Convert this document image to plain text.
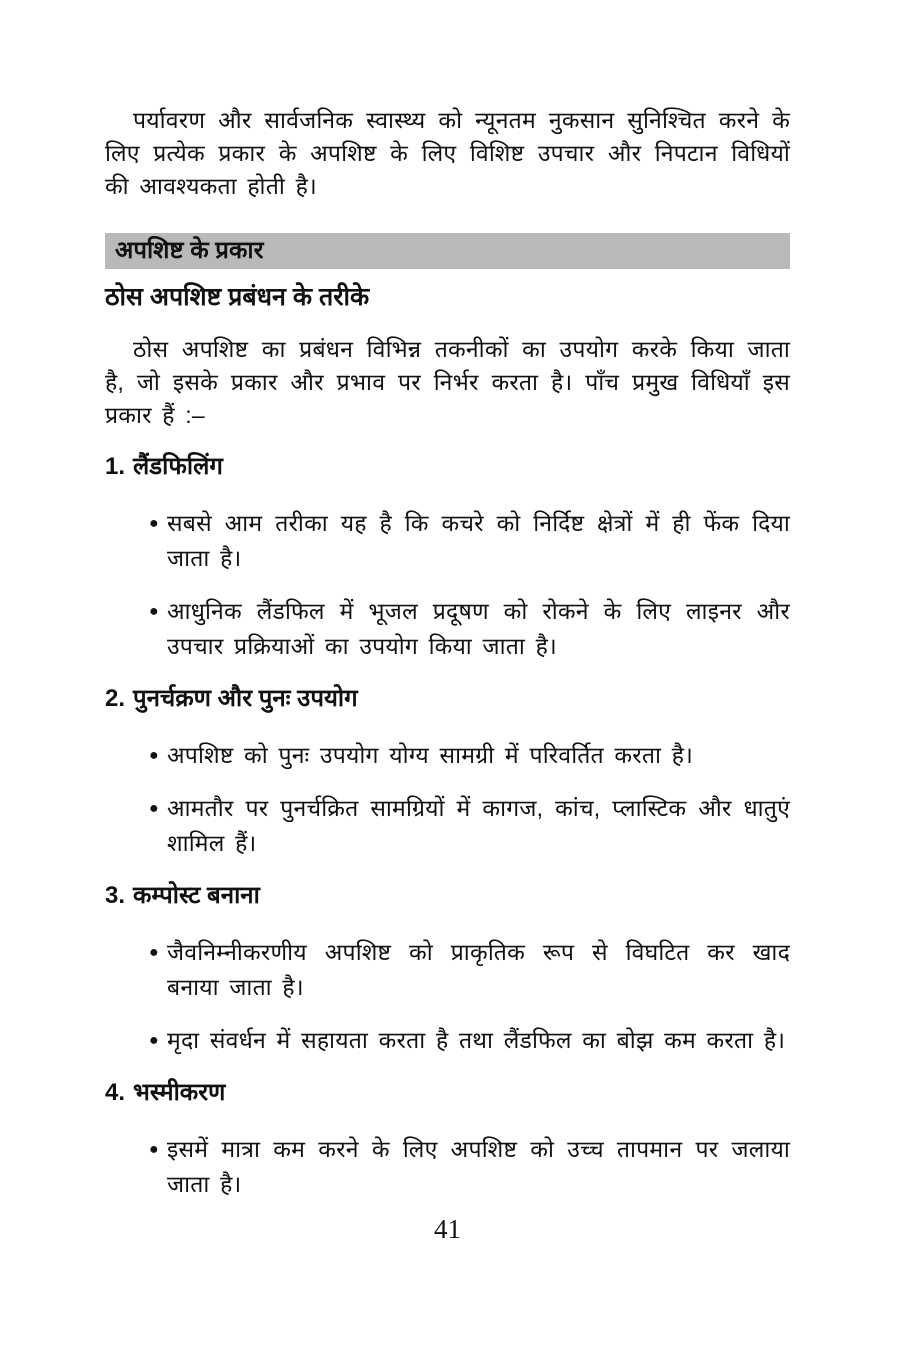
पर्यावरण और सार्वजनिक स्वास्थ्य को न्यूनतम नुकसान सुनिश्चित करने के लिए प्रत्येक प्रकार के अपशिष्ट के लिए विशिष्ट उपचार और निपटान विधियों की आवश्यकता होती है।

अपशिष्ट के प्रकार
ठोस अपशिष्ट प्रबंधन के तरीके

ठोस अपशिष्ट का प्रबंधन विभिन्न तकनीकों का उपयोग करके किया जाता है, जो इसके प्रकार और प्रभाव पर निर्भर करता है। पाँच प्रमुख विधियाँ इस प्रकार हैं :–

1. लैंडफिलिंग
● सबसे आम तरीका यह है कि कचरे को निर्दिष्ट क्षेत्रों में ही फेंक दिया जाता है।
● आधुनिक लैंडफिल में भूजल प्रदूषण को रोकने के लिए लाइनर और उपचार प्रक्रियाओं का उपयोग किया जाता है।
2. पुनर्चक्रण और पुनः उपयोग
● अपशिष्ट को पुनः उपयोग योग्य सामग्री में परिवर्तित करता है।
● आमतौर पर पुनर्चक्रित सामग्रियों में कागज, कांच, प्लास्टिक और धातुएं शामिल हैं।
3. कम्पोस्ट बनाना
● जैवनिम्नीकरणीय अपशिष्ट को प्राकृतिक रूप से विघटित कर खाद बनाया जाता है।
● मृदा संवर्धन में सहायता करता है तथा लैंडफिल का बोझ कम करता है।
4. भस्मीकरण
● इसमें मात्रा कम करने के लिए अपशिष्ट को उच्च तापमान पर जलाया जाता है।
41
